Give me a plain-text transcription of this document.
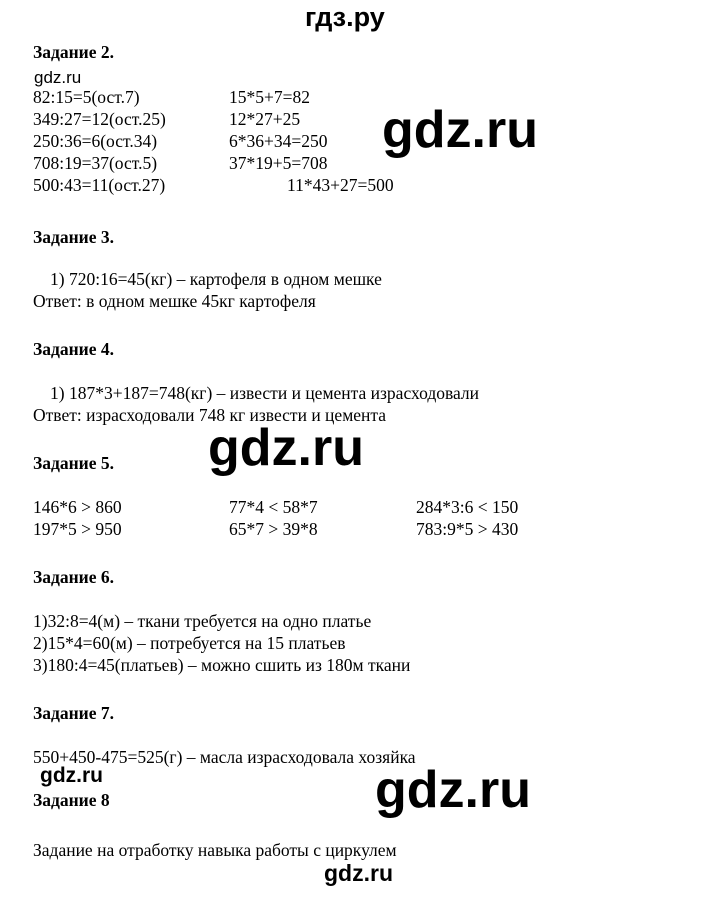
гдз.ру
Задание 2.
gdz.ru
82:15=5(ост.7)	15*5+7=82
349:27=12(ост.25)	12*27+25
250:36=6(ост.34)	6*36+34=250
708:19=37(ост.5)	37*19+5=708
500:43=11(ост.27)	11*43+27=500
gdz.ru
Задание 3.
1) 720:16=45(кг) – картофеля в одном мешке
Ответ: в одном мешке 45кг картофеля
Задание 4.
1) 187*3+187=748(кг) – извести и цемента израсходовали
Ответ: израсходовали 748 кг извести и цемента
gdz.ru
Задание 5.
146*6 > 860	77*4 < 58*7	284*3:6 < 150
197*5 > 950	65*7 > 39*8	783:9*5 > 430
Задание 6.
1)32:8=4(м) – ткани требуется на одно платье
2)15*4=60(м) – потребуется на 15 платьев
3)180:4=45(платьев) – можно сшить из 180м ткани
Задание 7.
550+450-475=525(г) – масла израсходовала хозяйка
gdz.ru	gdz.ru
Задание 8
Задание на отработку навыка работы с циркулем
gdz.ru
